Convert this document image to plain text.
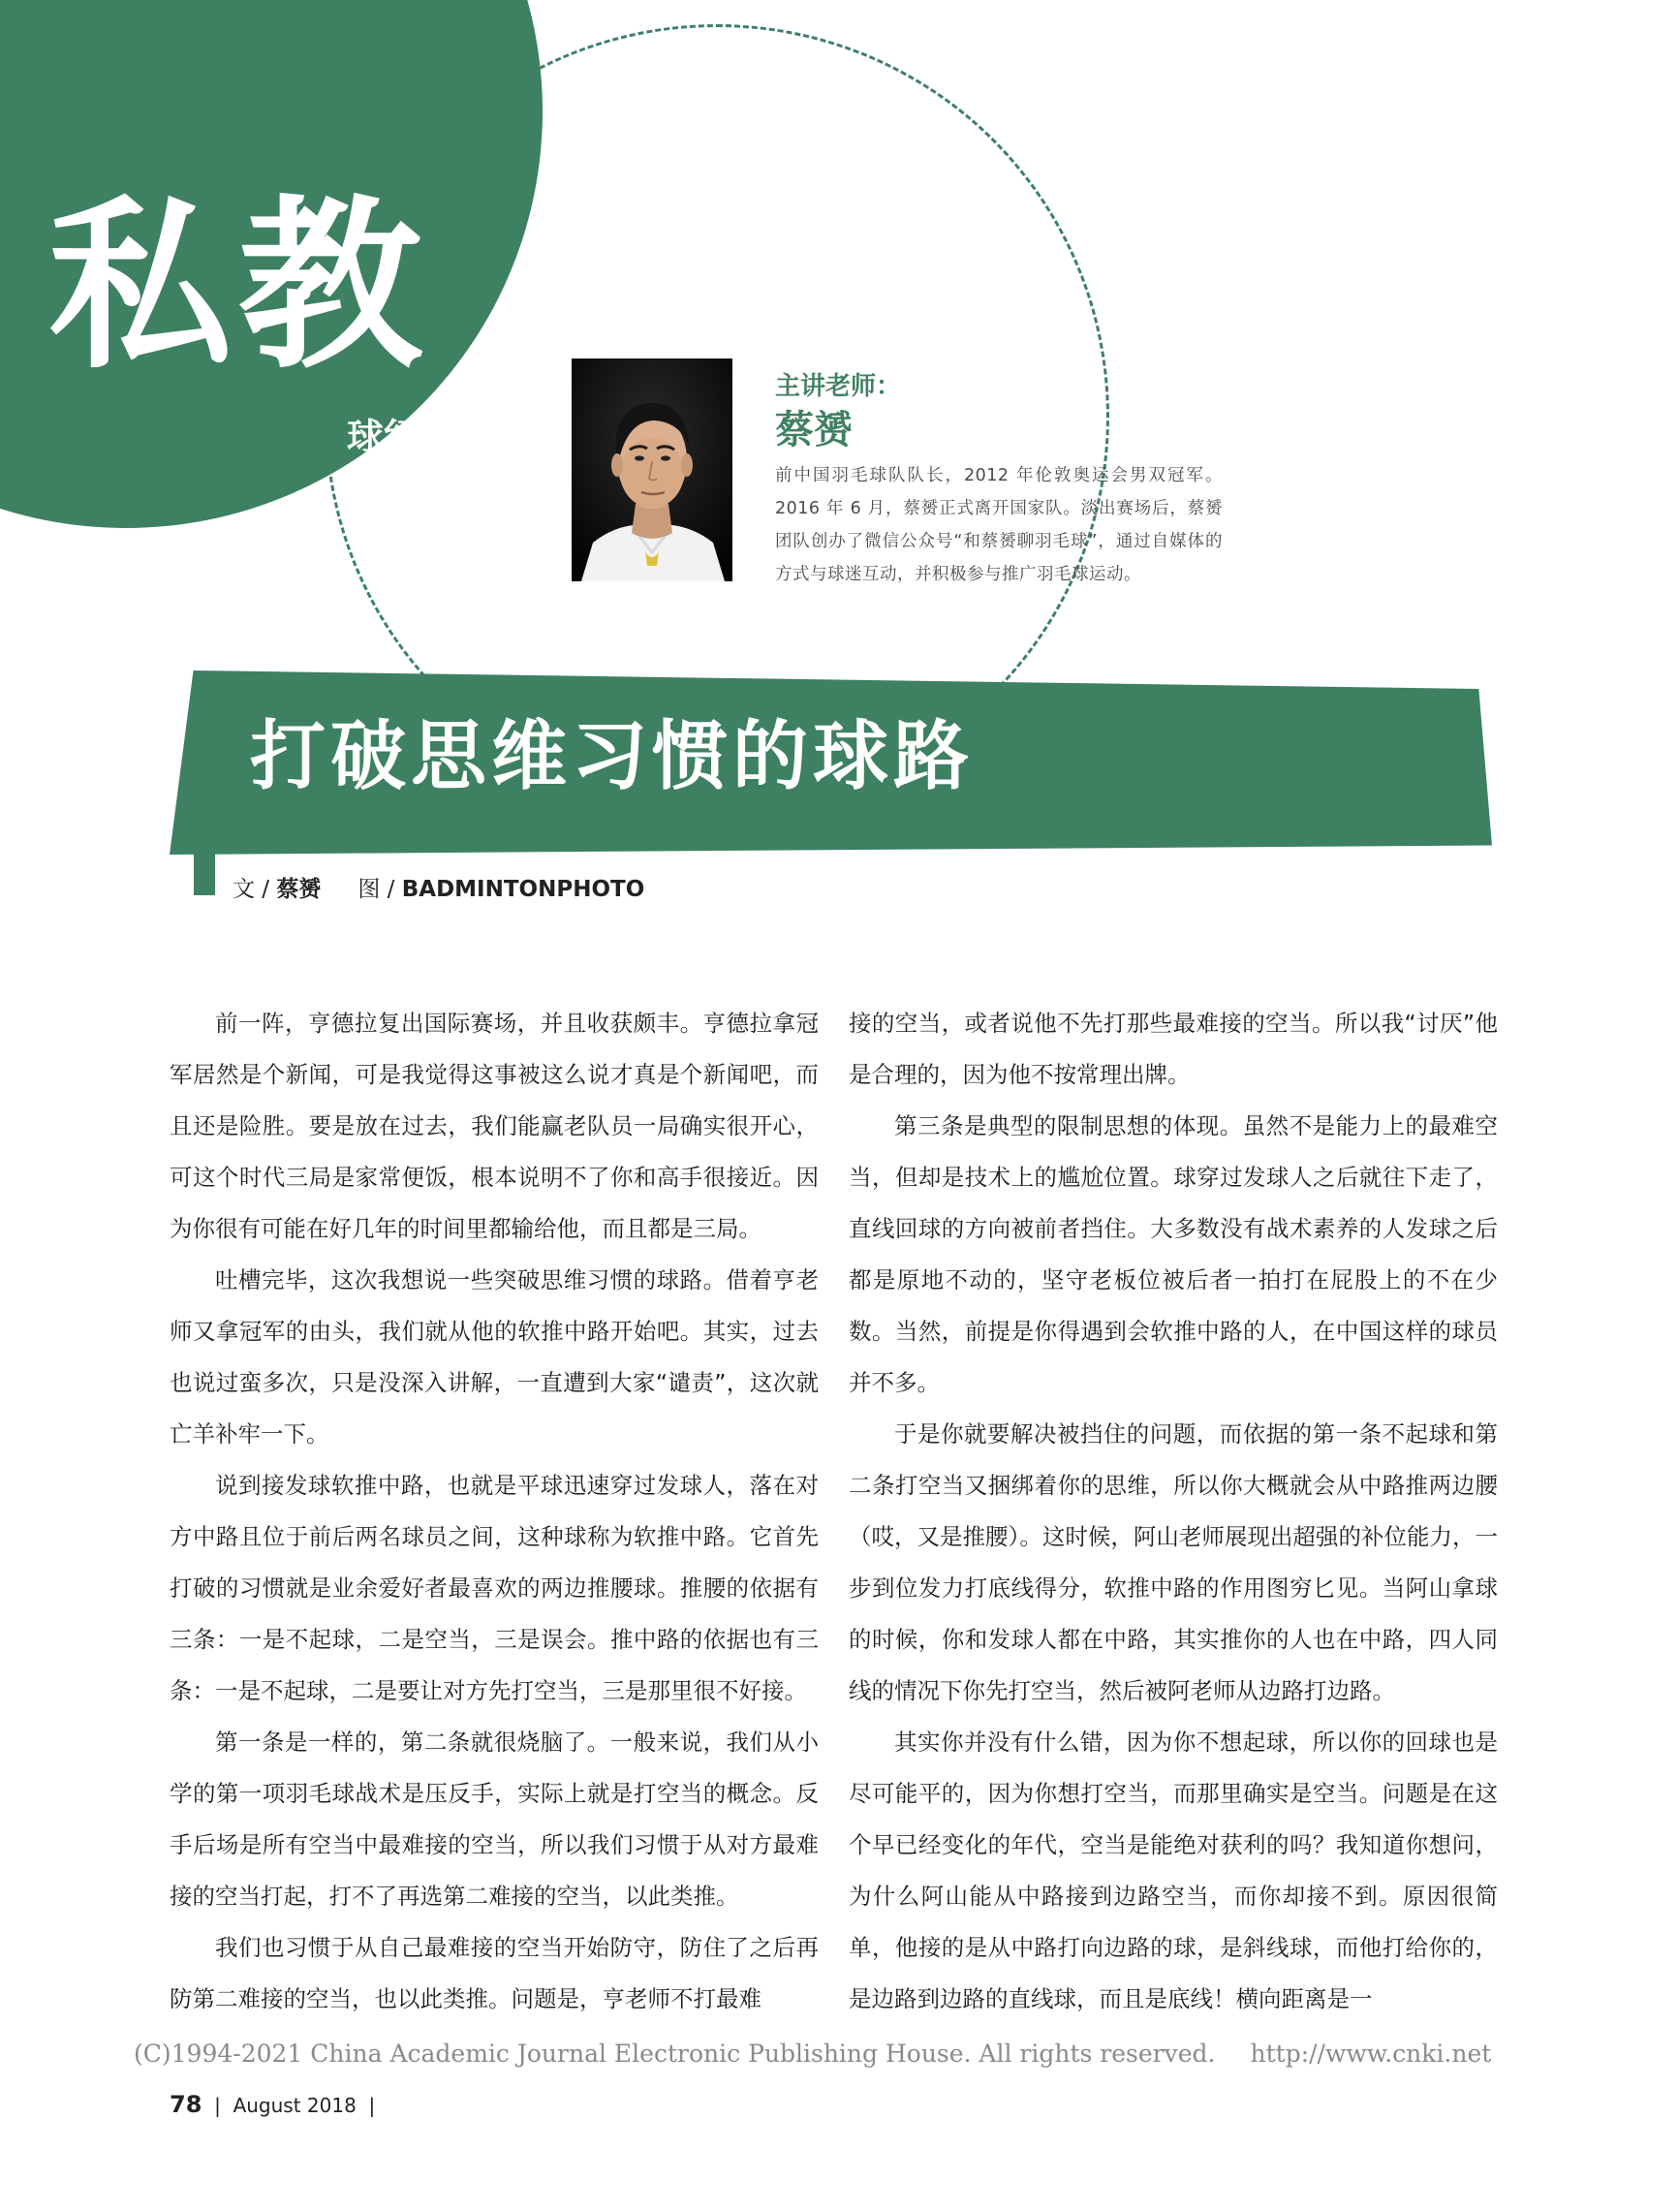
私教
球经
主讲老师：
蔡赟
前中国羽毛球队队长，2012 年伦敦奥运会男双冠军。2016 年 6 月，蔡赟正式离开国家队。淡出赛场后，蔡赟团队创办了微信公众号“和蔡赟聊羽毛球”，通过自媒体的方式与球迷互动，并积极参与推广羽毛球运动。
打破思维习惯的球路
文 / 蔡赟 图 / BADMINTONPHOTO

前一阵，亨德拉复出国际赛场，并且收获颇丰。亨德拉拿冠军居然是个新闻，可是我觉得这事被这么说才真是个新闻吧，而且还是险胜。要是放在过去，我们能赢老队员一局确实很开心，可这个时代三局是家常便饭，根本说明不了你和高手很接近。因为你很有可能在好几年的时间里都输给他，而且都是三局。

吐槽完毕，这次我想说一些突破思维习惯的球路。借着亨老师又拿冠军的由头，我们就从他的软推中路开始吧。其实，过去也说过蛮多次，只是没深入讲解，一直遭到大家“谴责”，这次就亡羊补牢一下。

说到接发球软推中路，也就是平球迅速穿过发球人，落在对方中路且位于前后两名球员之间，这种球称为软推中路。它首先打破的习惯就是业余爱好者最喜欢的两边推腰球。推腰的依据有三条：一是不起球，二是空当，三是误会。推中路的依据也有三条：一是不起球，二是要让对方先打空当，三是那里很不好接。

第一条是一样的，第二条就很烧脑了。一般来说，我们从小学的第一项羽毛球战术是压反手，实际上就是打空当的概念。反手后场是所有空当中最难接的空当，所以我们习惯于从对方最难接的空当打起，打不了再选第二难接的空当，以此类推。

我们也习惯于从自己最难接的空当开始防守，防住了之后再防第二难接的空当，也以此类推。问题是，亨老师不打最难

接的空当，或者说他不先打那些最难接的空当。所以我“讨厌”他是合理的，因为他不按常理出牌。

第三条是典型的限制思想的体现。虽然不是能力上的最难空当，但却是技术上的尴尬位置。球穿过发球人之后就往下走了，直线回球的方向被前者挡住。大多数没有战术素养的人发球之后都是原地不动的，坚守老板位被后者一拍打在屁股上的不在少数。当然，前提是你得遇到会软推中路的人，在中国这样的球员并不多。

于是你就要解决被挡住的问题，而依据的第一条不起球和第二条打空当又捆绑着你的思维，所以你大概就会从中路推两边腰（哎，又是推腰）。这时候，阿山老师展现出超强的补位能力，一步到位发力打底线得分，软推中路的作用图穷匕见。当阿山拿球的时候，你和发球人都在中路，其实推你的人也在中路，四人同线的情况下你先打空当，然后被阿老师从边路打边路。

其实你并没有什么错，因为你不想起球，所以你的回球也是尽可能平的，因为你想打空当，而那里确实是空当。问题是在这个早已经变化的年代，空当是能绝对获利的吗？我知道你想问，为什么阿山能从中路接到边路空当，而你却接不到。原因很简单，他接的是从中路打向边路的球，是斜线球，而他打给你的，是边路到边路的直线球，而且是底线！横向距离是一

(C)1994-2021 China Academic Journal Electronic Publishing House. All rights reserved. http://www.cnki.net
78  |  August 2018  |
